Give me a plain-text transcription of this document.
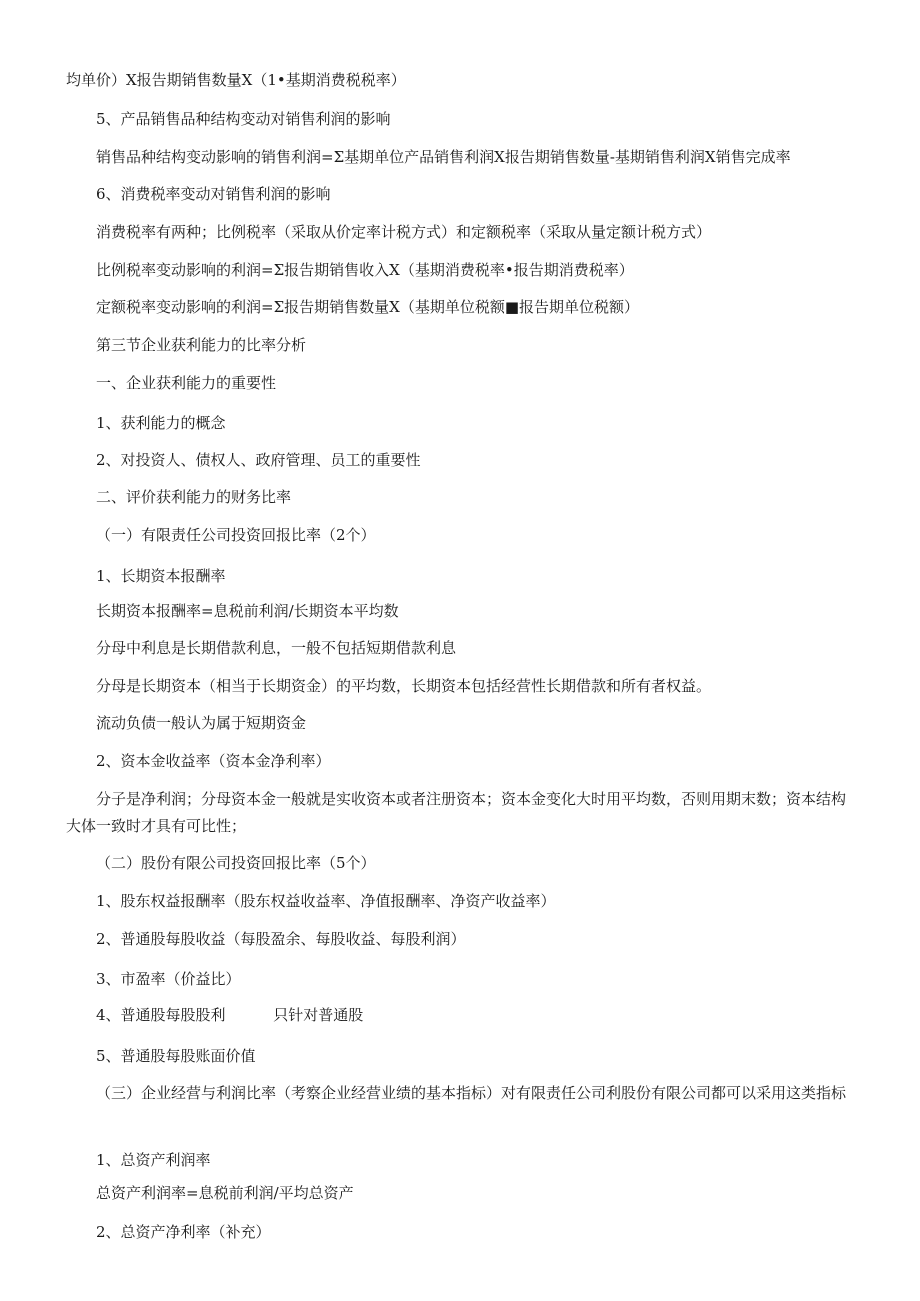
均单价）X报告期销售数量X（1•基期消费税税率）

5、产品销售品种结构变动对销售利润的影响

销售品种结构变动影响的销售利润=Σ基期单位产品销售利润X报告期销售数量-基期销售利润X销售完成率

6、消费税率变动对销售利润的影响

消费税率有两种；比例税率（采取从价定率计税方式）和定额税率（采取从量定额计税方式）

比例税率变动影响的利润=Σ报告期销售收入X（基期消费税率•报告期消费税率）

定额税率变动影响的利润=Σ报告期销售数量X（基期单位税额■报告期单位税额）

第三节企业获利能力的比率分析

一、企业获利能力的重要性

1、获利能力的概念

2、对投资人、债权人、政府管理、员工的重要性

二、评价获利能力的财务比率

（一）有限责任公司投资回报比率（2个）

1、长期资本报酬率

长期资本报酬率=息税前利润/长期资本平均数

分母中利息是长期借款利息，一般不包括短期借款利息

分母是长期资本（相当于长期资金）的平均数，长期资本包括经营性长期借款和所有者权益。

流动负债一般认为属于短期资金

2、资本金收益率（资本金净利率）

分子是净利润；分母资本金一般就是实收资本或者注册资本；资本金变化大时用平均数，否则用期末数；资本结构大体一致时才具有可比性；

（二）股份有限公司投资回报比率（5个）

1、股东权益报酬率（股东权益收益率、净值报酬率、净资产收益率）

2、普通股每股收益（每股盈余、每股收益、每股利润）

3、市盈率（价益比）

4、普通股每股股利          只针对普通股

5、普通股每股账面价值

（三）企业经营与利润比率（考察企业经营业绩的基本指标）对有限责任公司利股份有限公司都可以采用这类指标

1、总资产利润率

总资产利润率=息税前利润/平均总资产

2、总资产净利率（补充）
